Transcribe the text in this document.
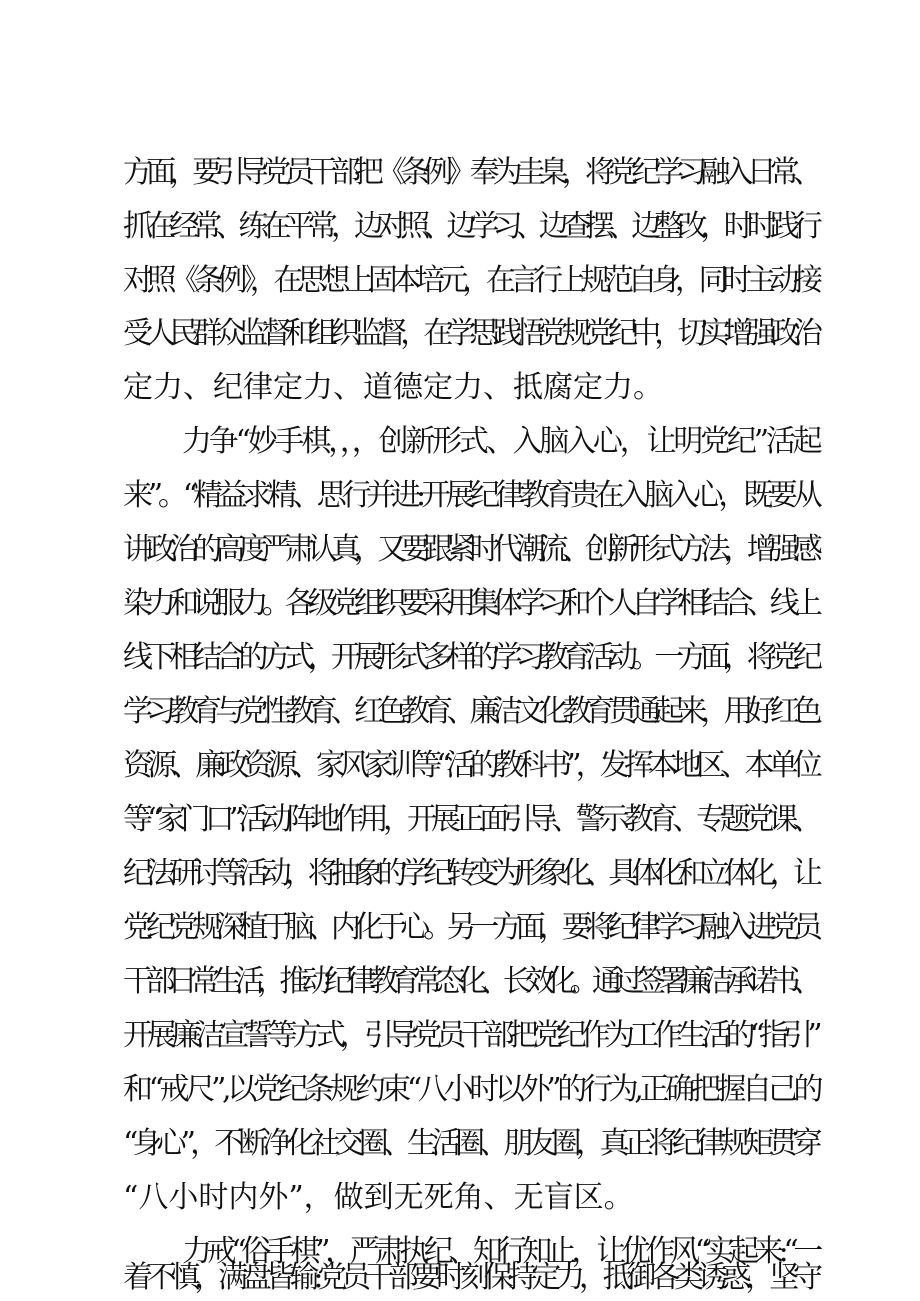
方面，要引导党员干部把《条例》奉为圭臬，将党纪学习融入日常、
抓在经常、练在平常，边对照、边学习、边查摆、边整改，时时践行
对照《条例》，在思想上固本培元，在言行上规范自身，同时主动接
受人民群众监督和组织监督，在学思践悟党规党纪中，切实增强政治
定力、纪律定力、道德定力、抵腐定力。
力争“妙手棋，，，创新形式、入脑入心，让明党纪”活起
来”。“精益求精、思行并进:开展纪律教育贵在入脑入心，既要从
讲政治的高度严肃认真，又要跟紧时代潮流、创新形式方法，增强感
染力和说服力。各级党组织要采用集体学习和个人自学相结合、线上
线下相结合的方式，开展形式多样的学习教育活动。一方面，将党纪
学习教育与党性教育、红色教育、廉洁文化教育贯通起来，用好红色
资源、廉政资源、家风家训等“活的教科书”，发挥本地区、本单位
等“家门口”活动阵地作用，开展正面引导、警示教育、专题党课、
纪法研讨等活动，将抽象的学纪转变为形象化、具体化和立体化，让
党纪党规深植于脑、内化于心。另一方面，要将纪律学习融入进党员
干部日常生活，推动纪律教育常态化、长效化。通过签署廉洁承诺书、
开展廉洁宣誓等方式，引导党员干部把党纪作为工作生活的“指引”
和“戒尺”,以党纪条规约束“八小时以外”的行为,正确把握自己的
“身心”，不断净化社交圈、生活圈、朋友圈，真正将纪律规矩贯穿
“八小时内外”，做到无死角、无盲区。
力戒“俗手棋”，严肃执纪、知行知止，让优作风“实起来:“一
着不慎，满盘皆输:党员干部要时刻保持定力，抵御各类诱惑，坚守
